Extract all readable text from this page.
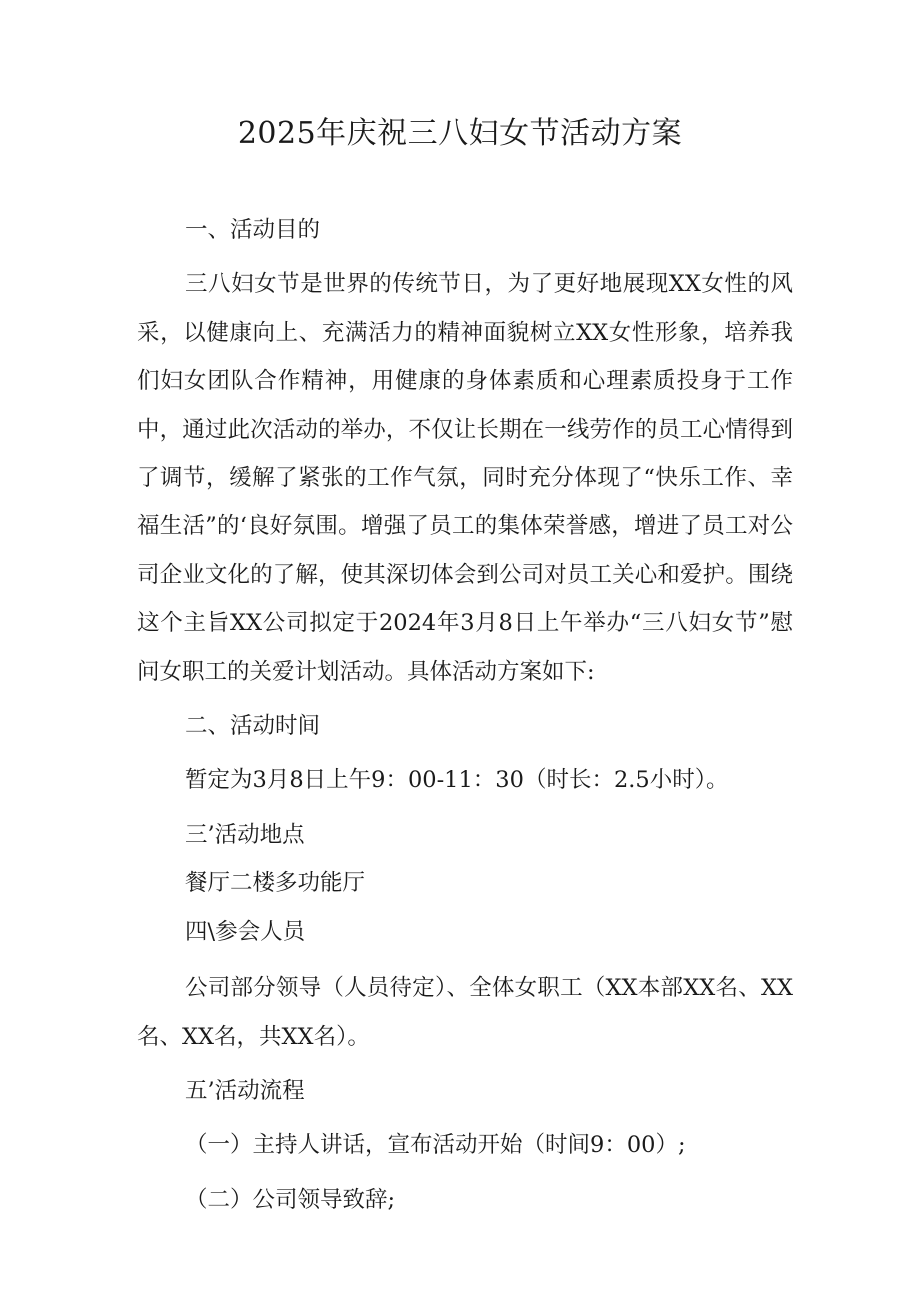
2025年庆祝三八妇女节活动方案

一、活动目的

三八妇女节是世界的传统节日，为了更好地展现XX女性的风采，以健康向上、充满活力的精神面貌树立XX女性形象，培养我们妇女团队合作精神，用健康的身体素质和心理素质投身于工作中，通过此次活动的举办，不仅让长期在一线劳作的员工心情得到了调节，缓解了紧张的工作气氛，同时充分体现了“快乐工作、幸福生活”的‘良好氛围。增强了员工的集体荣誉感，增进了员工对公司企业文化的了解，使其深切体会到公司对员工关心和爱护。围绕这个主旨XX公司拟定于2024年3月8日上午举办“三八妇女节”慰问女职工的关爱计划活动。具体活动方案如下:

二、活动时间

暂定为3月8日上午9：00-11：30（时长：2.5小时）。

三’活动地点

餐厅二楼多功能厅

四\参会人员

公司部分领导（人员待定）、全体女职工（XX本部XX名、XX名、XX名，共XX名）。

五’活动流程

（一）主持人讲话，宣布活动开始（时间9：00）;

（二）公司领导致辞;
